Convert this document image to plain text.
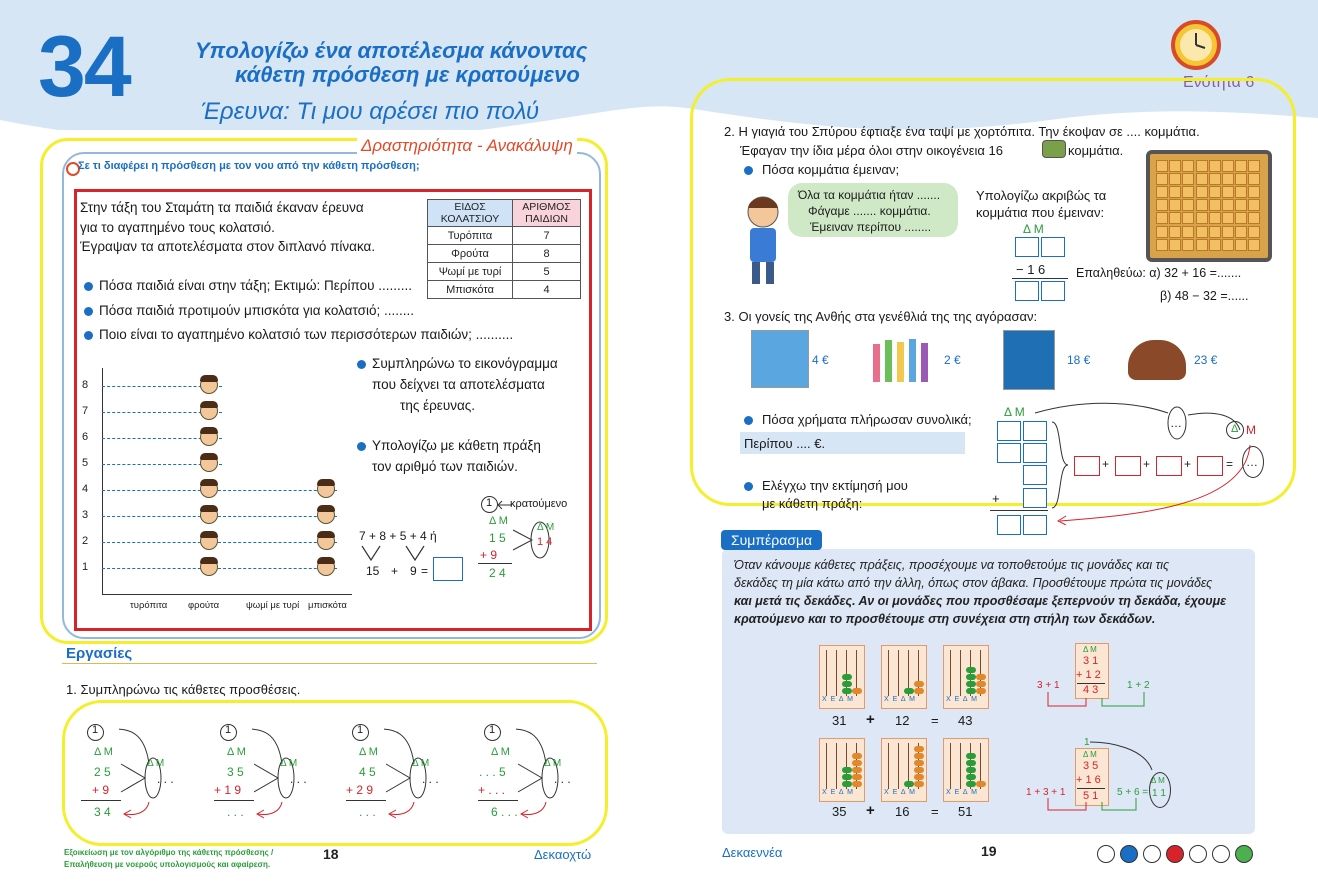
34	Υπολογίζω ένα αποτέλεσμα κάνοντας
κάθετη πρόσθεση με κρατούμενο
Έρευνα: Τι μου αρέσει πιο πολύ
Ενότητα 6
Δραστηριότητα - Ανακάλυψη
Σε τι διαφέρει η πρόσθεση με τον νου από την κάθετη πρόσθεση;
Στην τάξη του Σταμάτη τα παιδιά έκαναν έρευνα
για το αγαπημένο τους κολατσιό.
Έγραψαν τα αποτελέσματα στον διπλανό πίνακα.
ΕΙΔΟΣ ΚΟΛΑΤΣΙΟΥ	ΑΡΙΘΜΟΣ ΠΑΙΔΙΩΝ
Τυρόπιτα	7
Φρούτα	8
Ψωμί με τυρί	5
Μπισκότα	4
Πόσα παιδιά είναι στην τάξη; Εκτιμώ: Περίπου .........
Πόσα παιδιά προτιμούν μπισκότα για κολατσιό; ........
Ποιο είναι το αγαπημένο κολατσιό των περισσότερων παιδιών; ..........
8
7
6
5
4
3
2
1
τυρόπιτα φρούτα	ψωμί με τυρί μπισκότα
Συμπληρώνω το εικονόγραμμα
που δείχνει τα αποτελέσματα
της έρευνας.
Υπολογίζω με κάθετη πράξη
τον αριθμό των παιδιών.
7 + 8 + 5 + 4 ή
15 + 9 =
1 κρατούμενο
Δ Μ
1 5
+ 9
2 4
Δ Μ
1 4
Εργασίες
1. Συμπληρώνω τις κάθετες προσθέσεις.
1
Δ Μ
2 5
+ 9
3 4
Δ Μ
. . .
1
Δ Μ
3 5
+ 1 9
. . .
Δ Μ
. . .
1
Δ Μ
4 5
+ 2 9
. . .
Δ Μ
. . .
1
Δ Μ
. . . 5
+ . . .
6 . . .
Δ Μ
. . .
Εξοικείωση με τον αλγόριθμο της κάθετης πρόσθεσης /
Επαλήθευση με νοερούς υπολογισμούς και αφαίρεση.
18	Δεκαοχτώ
2. Η γιαγιά του Σπύρου έφτιαξε ένα ταψί με χορτόπιτα. Την έκοψαν σε .... κομμάτια.
Έφαγαν την ίδια μέρα όλοι στην οικογένεια 16	κομμάτια.
Πόσα κομμάτια έμειναν;
Όλα τα κομμάτια ήταν .......
Φάγαμε ....... κομμάτια.
Έμειναν περίπου ........
Υπολογίζω ακριβώς τα
κομμάτια που έμειναν:
Δ Μ
− 1 6 Επαληθεύω: α) 32 + 16 =.......
β) 48 − 32 =......
3. Οι γονείς της Ανθής στα γενέθλιά της της αγόρασαν:
4 €	2 €	18 €	23 €
Πόσα χρήματα πλήρωσαν συνολικά;
Περίπου .... €.
Ελέγχω την εκτίμησή μου
με κάθετη πράξη:
Δ Μ
+
+	+	+	=
…	Δ Μ
…
Συμπέρασμα
Όταν κάνουμε κάθετες πράξεις, προσέχουμε να τοποθετούμε τις μονάδες και τις
δεκάδες τη μία κάτω από την άλλη, όπως στον άβακα. Προσθέτουμε πρώτα τις μονάδες
και μετά τις δεκάδες. Αν οι μονάδες που προσθέσαμε ξεπερνούν τη δεκάδα, έχουμε
κρατούμενο και το προσθέτουμε στη συνέχεια στη στήλη των δεκάδων.
Χ Ε Δ Μ	Χ Ε Δ Μ	Χ Ε Δ Μ
Χ Ε Δ Μ	Χ Ε Δ Μ	Χ Ε Δ Μ
31 + 12 = 43
35 + 16 = 51
Δ Μ
3 1
+ 1 2
4 3
3 + 1	1 + 2
1
Δ Μ
3 5
+ 1 6
5 1
1 + 3 + 1	5 + 6 =
Δ Μ
1 1
Δεκαεννέα	19
